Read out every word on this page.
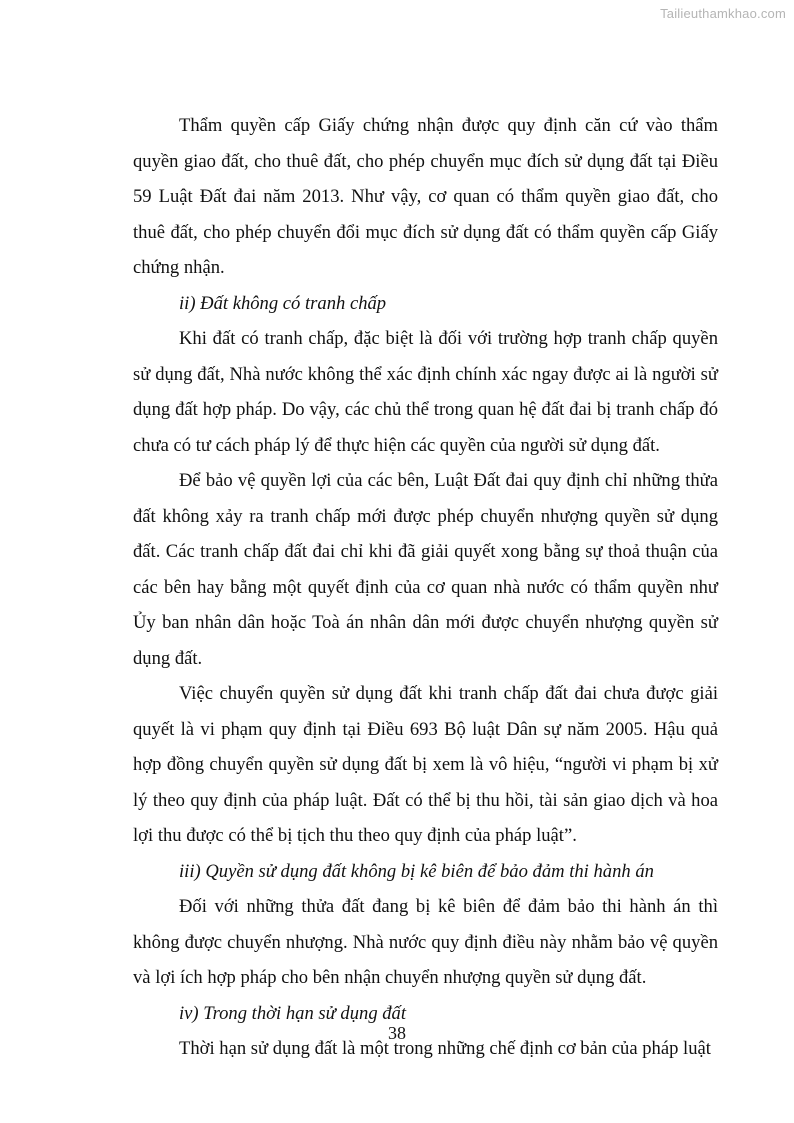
Tailieuthamkhao.com

Thẩm quyền cấp Giấy chứng nhận được quy định căn cứ vào thẩm quyền giao đất, cho thuê đất, cho phép chuyển mục đích sử dụng đất tại Điều 59 Luật Đất đai năm 2013. Như vậy, cơ quan có thẩm quyền giao đất, cho thuê đất, cho phép chuyển đổi mục đích sử dụng đất có thẩm quyền cấp Giấy chứng nhận.

ii) Đất không có tranh chấp

Khi đất có tranh chấp, đặc biệt là đối với trường hợp tranh chấp quyền sử dụng đất, Nhà nước không thể xác định chính xác ngay được ai là người sử dụng đất hợp pháp. Do vậy, các chủ thể trong quan hệ đất đai bị tranh chấp đó chưa có tư cách pháp lý để thực hiện các quyền của người sử dụng đất.

Để bảo vệ quyền lợi của các bên, Luật Đất đai quy định chỉ những thửa đất không xảy ra tranh chấp mới được phép chuyển nhượng quyền sử dụng đất. Các tranh chấp đất đai chỉ khi đã giải quyết xong bằng sự thoả thuận của các bên hay bằng một quyết định của cơ quan nhà nước có thẩm quyền như Ủy ban nhân dân hoặc Toà án nhân dân mới được chuyển nhượng quyền sử dụng đất.

Việc chuyển quyền sử dụng đất khi tranh chấp đất đai chưa được giải quyết là vi phạm quy định tại Điều 693 Bộ luật Dân sự năm 2005. Hậu quả hợp đồng chuyển quyền sử dụng đất bị xem là vô hiệu, “người vi phạm bị xử lý theo quy định của pháp luật. Đất có thể bị thu hồi, tài sản giao dịch và hoa lợi thu được có thể bị tịch thu theo quy định của pháp luật”.

iii) Quyền sử dụng đất không bị kê biên để bảo đảm thi hành án

Đối với những thửa đất đang bị kê biên để đảm bảo thi hành án thì không được chuyển nhượng. Nhà nước quy định điều này nhằm bảo vệ quyền và lợi ích hợp pháp cho bên nhận chuyển nhượng quyền sử dụng đất.

iv) Trong thời hạn sử dụng đất

Thời hạn sử dụng đất là một trong những chế định cơ bản của pháp luật

38
